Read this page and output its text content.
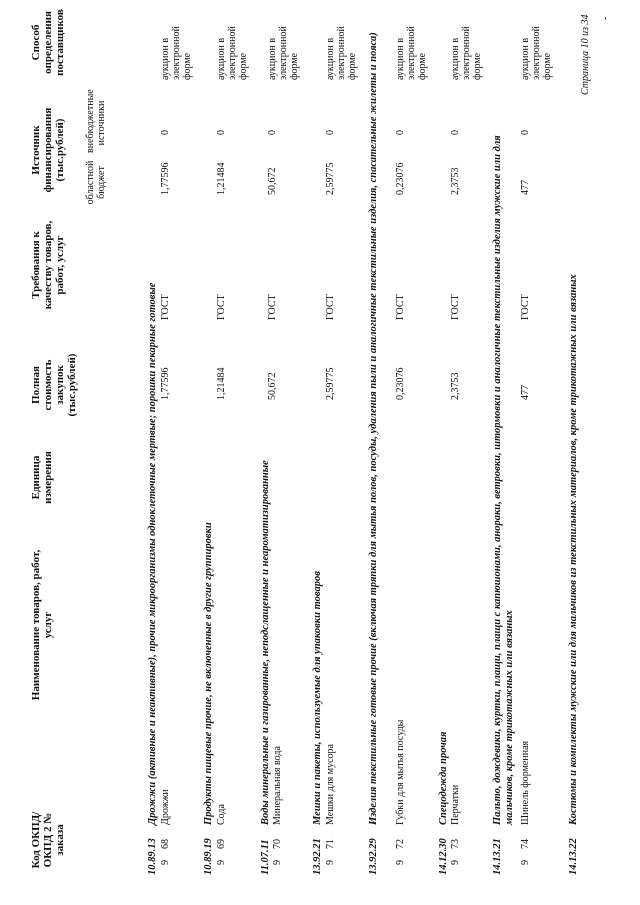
Код ОКПД/ ОКПД 2 № заказа
Наименование товаров, работ, услуг
Единица измерения
Полная стоимость закупок (тыс.рублей)
Требования к качеству товаров, работ, услуг
Источник финансирования (тыс.рублей)
областной бюджет
внебюджетные источники
Способ определения поставщиков
10.89.13
Дрожжи (активные и неактивные), прочие микроорганизмы одноклеточные мертвые; порошки пекарные готовые
9
68
Дрожжи
1,77596
ГОСТ
1,77596
0
аукцион в электронной форме
10.89.19
Продукты пищевые прочие, не включенные в другие группировки
9
69
Сода
1,21484
ГОСТ
1,21484
0
аукцион в электронной форме
11.07.11
Воды минеральные и газированные, неподслащенные и неароматизированные
9
70
Минеральная вода
50,672
ГОСТ
50,672
0
аукцион в электронной форме
13.92.21
Мешки и пакеты, используемые для упаковки товаров
9
71
Мешки для мусора
2,59775
ГОСТ
2,59775
0
аукцион в электронной форме
13.92.29
Изделия текстильные готовые прочие (включая тряпки для мытья полов, посуды, удаления пыли и аналогичные текстильные изделия, спасательные жилеты и пояса)
9
72
Губки для мытья посуды
0,23076
ГОСТ
0,23076
0
аукцион в электронной форме
14.12.30
Спецодежда прочая
9
73
Перчатки
2,3753
ГОСТ
2,3753
0
аукцион в электронной форме
14.13.21
Пальто, дождевики, куртки, плащи, плащи с капюшонами, анораки, ветровки, штормовки и аналогичные текстильные изделия мужские или для мальчиков, кроме трикотажных или вязаных
9
74
Шинель форменная
477
ГОСТ
477
0
аукцион в электронной форме
14.13.22
Костюмы и комплекты мужские или для мальчиков из текстильных материалов, кроме трикотажных или вязаных
Страница 10 из 34 -
